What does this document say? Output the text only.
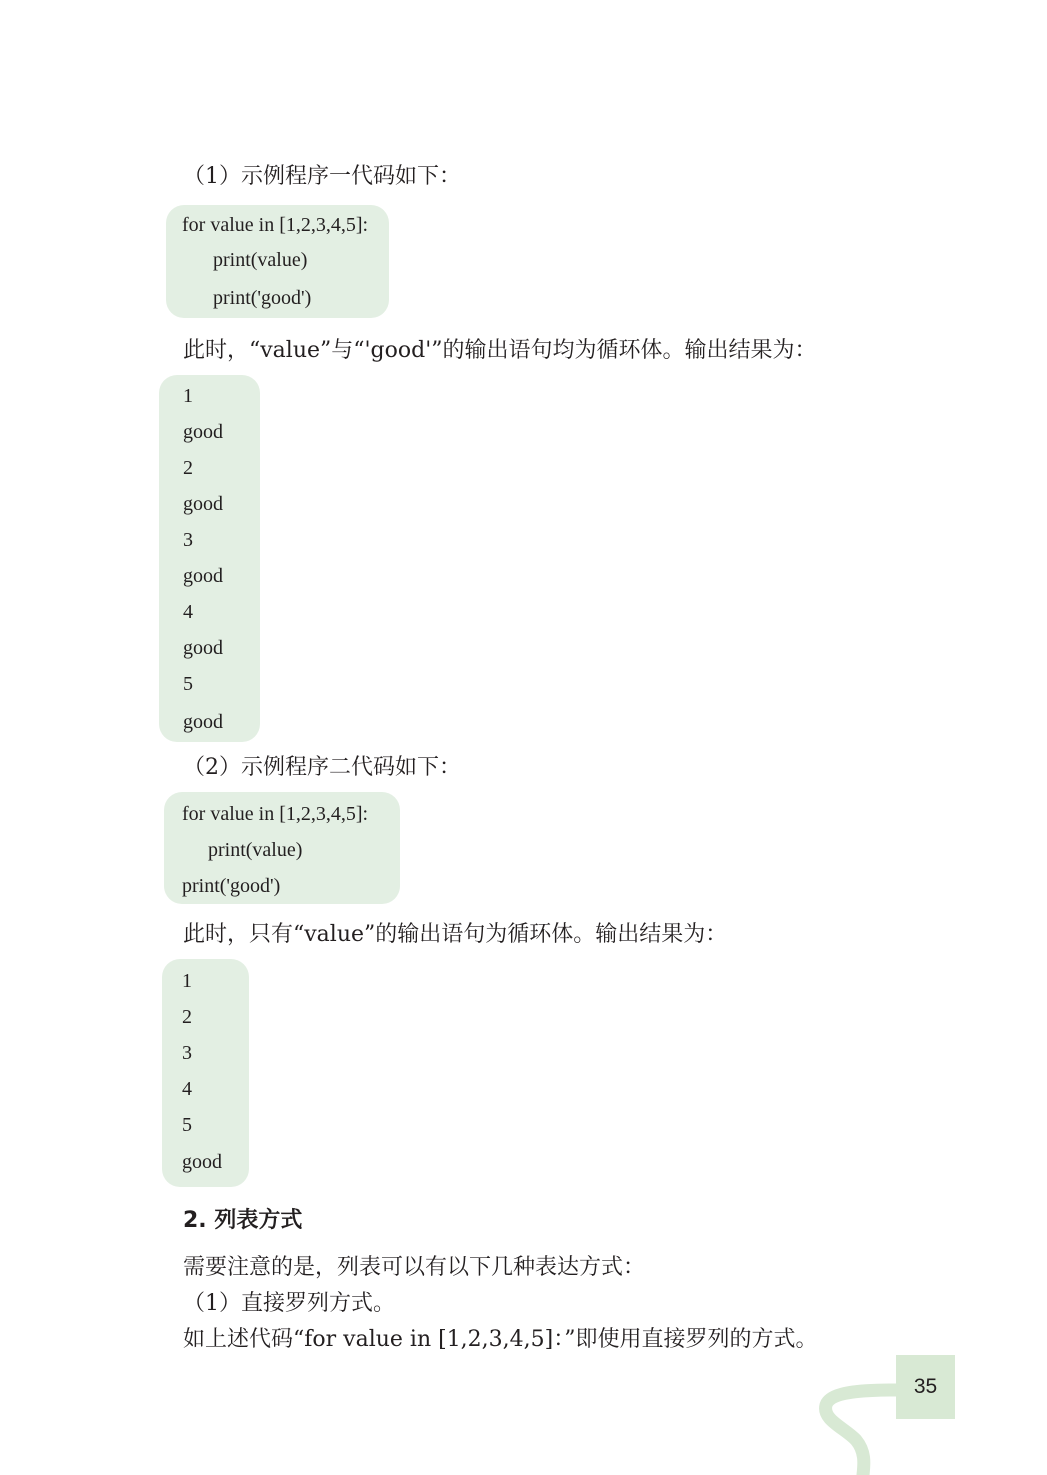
（1）示例程序一代码如下：

for value in [1,2,3,4,5]:
print(value)
print('good')

此时，“value”与“'good'”的输出语句均为循环体。输出结果为：

1
good
2
good
3
good
4
good
5
good

（2）示例程序二代码如下：

for value in [1,2,3,4,5]:
print(value)
print('good')

此时，只有“value”的输出语句为循环体。输出结果为：

1
2
3
4
5
good
2. 列表方式

需要注意的是，列表可以有以下几种表达方式：

（1）直接罗列方式。

如上述代码“for value in [1,2,3,4,5]：”即使用直接罗列的方式。

35
